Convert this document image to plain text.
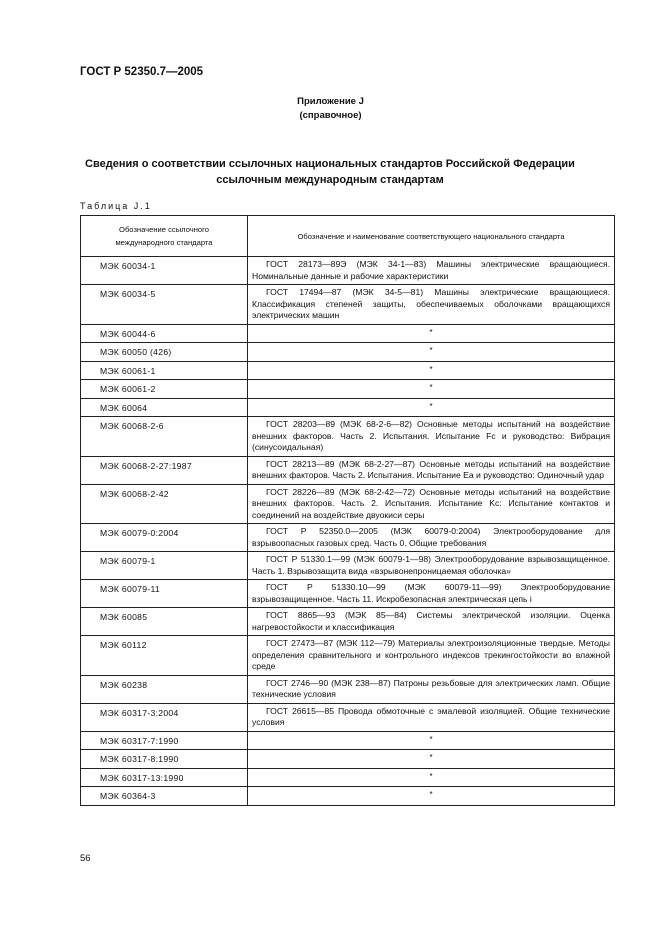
ГОСТ Р 52350.7—2005
Приложение J
(справочное)
Сведения о соответствии ссылочных национальных стандартов Российской Федерации
ссылочным международным стандартам
Таблица J.1
Обозначение ссылочного
международного стандарта	Обозначение и наименование соответствующего национального стандарта
МЭК 60034-1	ГОСТ 28173—89Э (МЭК 34-1—83) Машины электрические вращающиеся. Номинальные данные и рабочие характеристики
МЭК 60034-5	ГОСТ 17494—87 (МЭК 34-5—81) Машины электрические вращающиеся. Классификация степеней защиты, обеспечиваемых оболочками вращающихся электрических машин
МЭК 60044-6	*
МЭК 60050 (426)	*
МЭК 60061-1	*
МЭК 60061-2	*
МЭК 60064	*
МЭК 60068-2-6	ГОСТ 28203—89 (МЭК 68-2-6—82) Основные методы испытаний на воздействие внешних факторов. Часть 2. Испытания. Испытание Fc и руководство: Вибрация (синусоидальная)
МЭК 60068-2-27:1987	ГОСТ 28213—89 (МЭК 68-2-27—87) Основные методы испытаний на воздействие внешних факторов. Часть 2. Испытания. Испытание Ea и руководство: Одиночный удар
МЭК 60068-2-42	ГОСТ 28226—89 (МЭК 68-2-42—72) Основные методы испытаний на воздействие внешних факторов. Часть 2. Испытания. Испытание Kc: Испытание контактов и соединений на воздействие двуокиси серы
МЭК 60079-0:2004	ГОСТ Р 52350.0—2005 (МЭК 60079-0:2004) Электрооборудование для взрывоопасных газовых сред. Часть 0. Общие требования
МЭК 60079-1	ГОСТ Р 51330.1—99 (МЭК 60079-1—98) Электрооборудование взрывозащищенное. Часть 1. Взрывозащита вида «взрывонепроницаемая оболочка»
МЭК 60079-11	ГОСТ Р 51330.10—99 (МЭК 60079-11—99) Электрооборудование взрывозащищенное. Часть 11. Искробезопасная электрическая цепь i
МЭК 60085	ГОСТ 8865—93 (МЭК 85—84) Системы электрической изоляции. Оценка нагревостойкости и классификация
МЭК 60112	ГОСТ 27473—87 (МЭК 112—79) Материалы электроизоляционные твердые. Методы определения сравнительного и контрольного индексов трекингостойкости во влажной среде
МЭК 60238	ГОСТ 2746—90 (МЭК 238—87) Патроны резьбовые для электрических ламп. Общие технические условия
МЭК 60317-3:2004	ГОСТ 26615—85 Провода обмоточные с эмалевой изоляцией. Общие технические условия
МЭК 60317-7:1990	*
МЭК 60317-8:1990	*
МЭК 60317-13:1990	*
МЭК 60364-3	*
56
